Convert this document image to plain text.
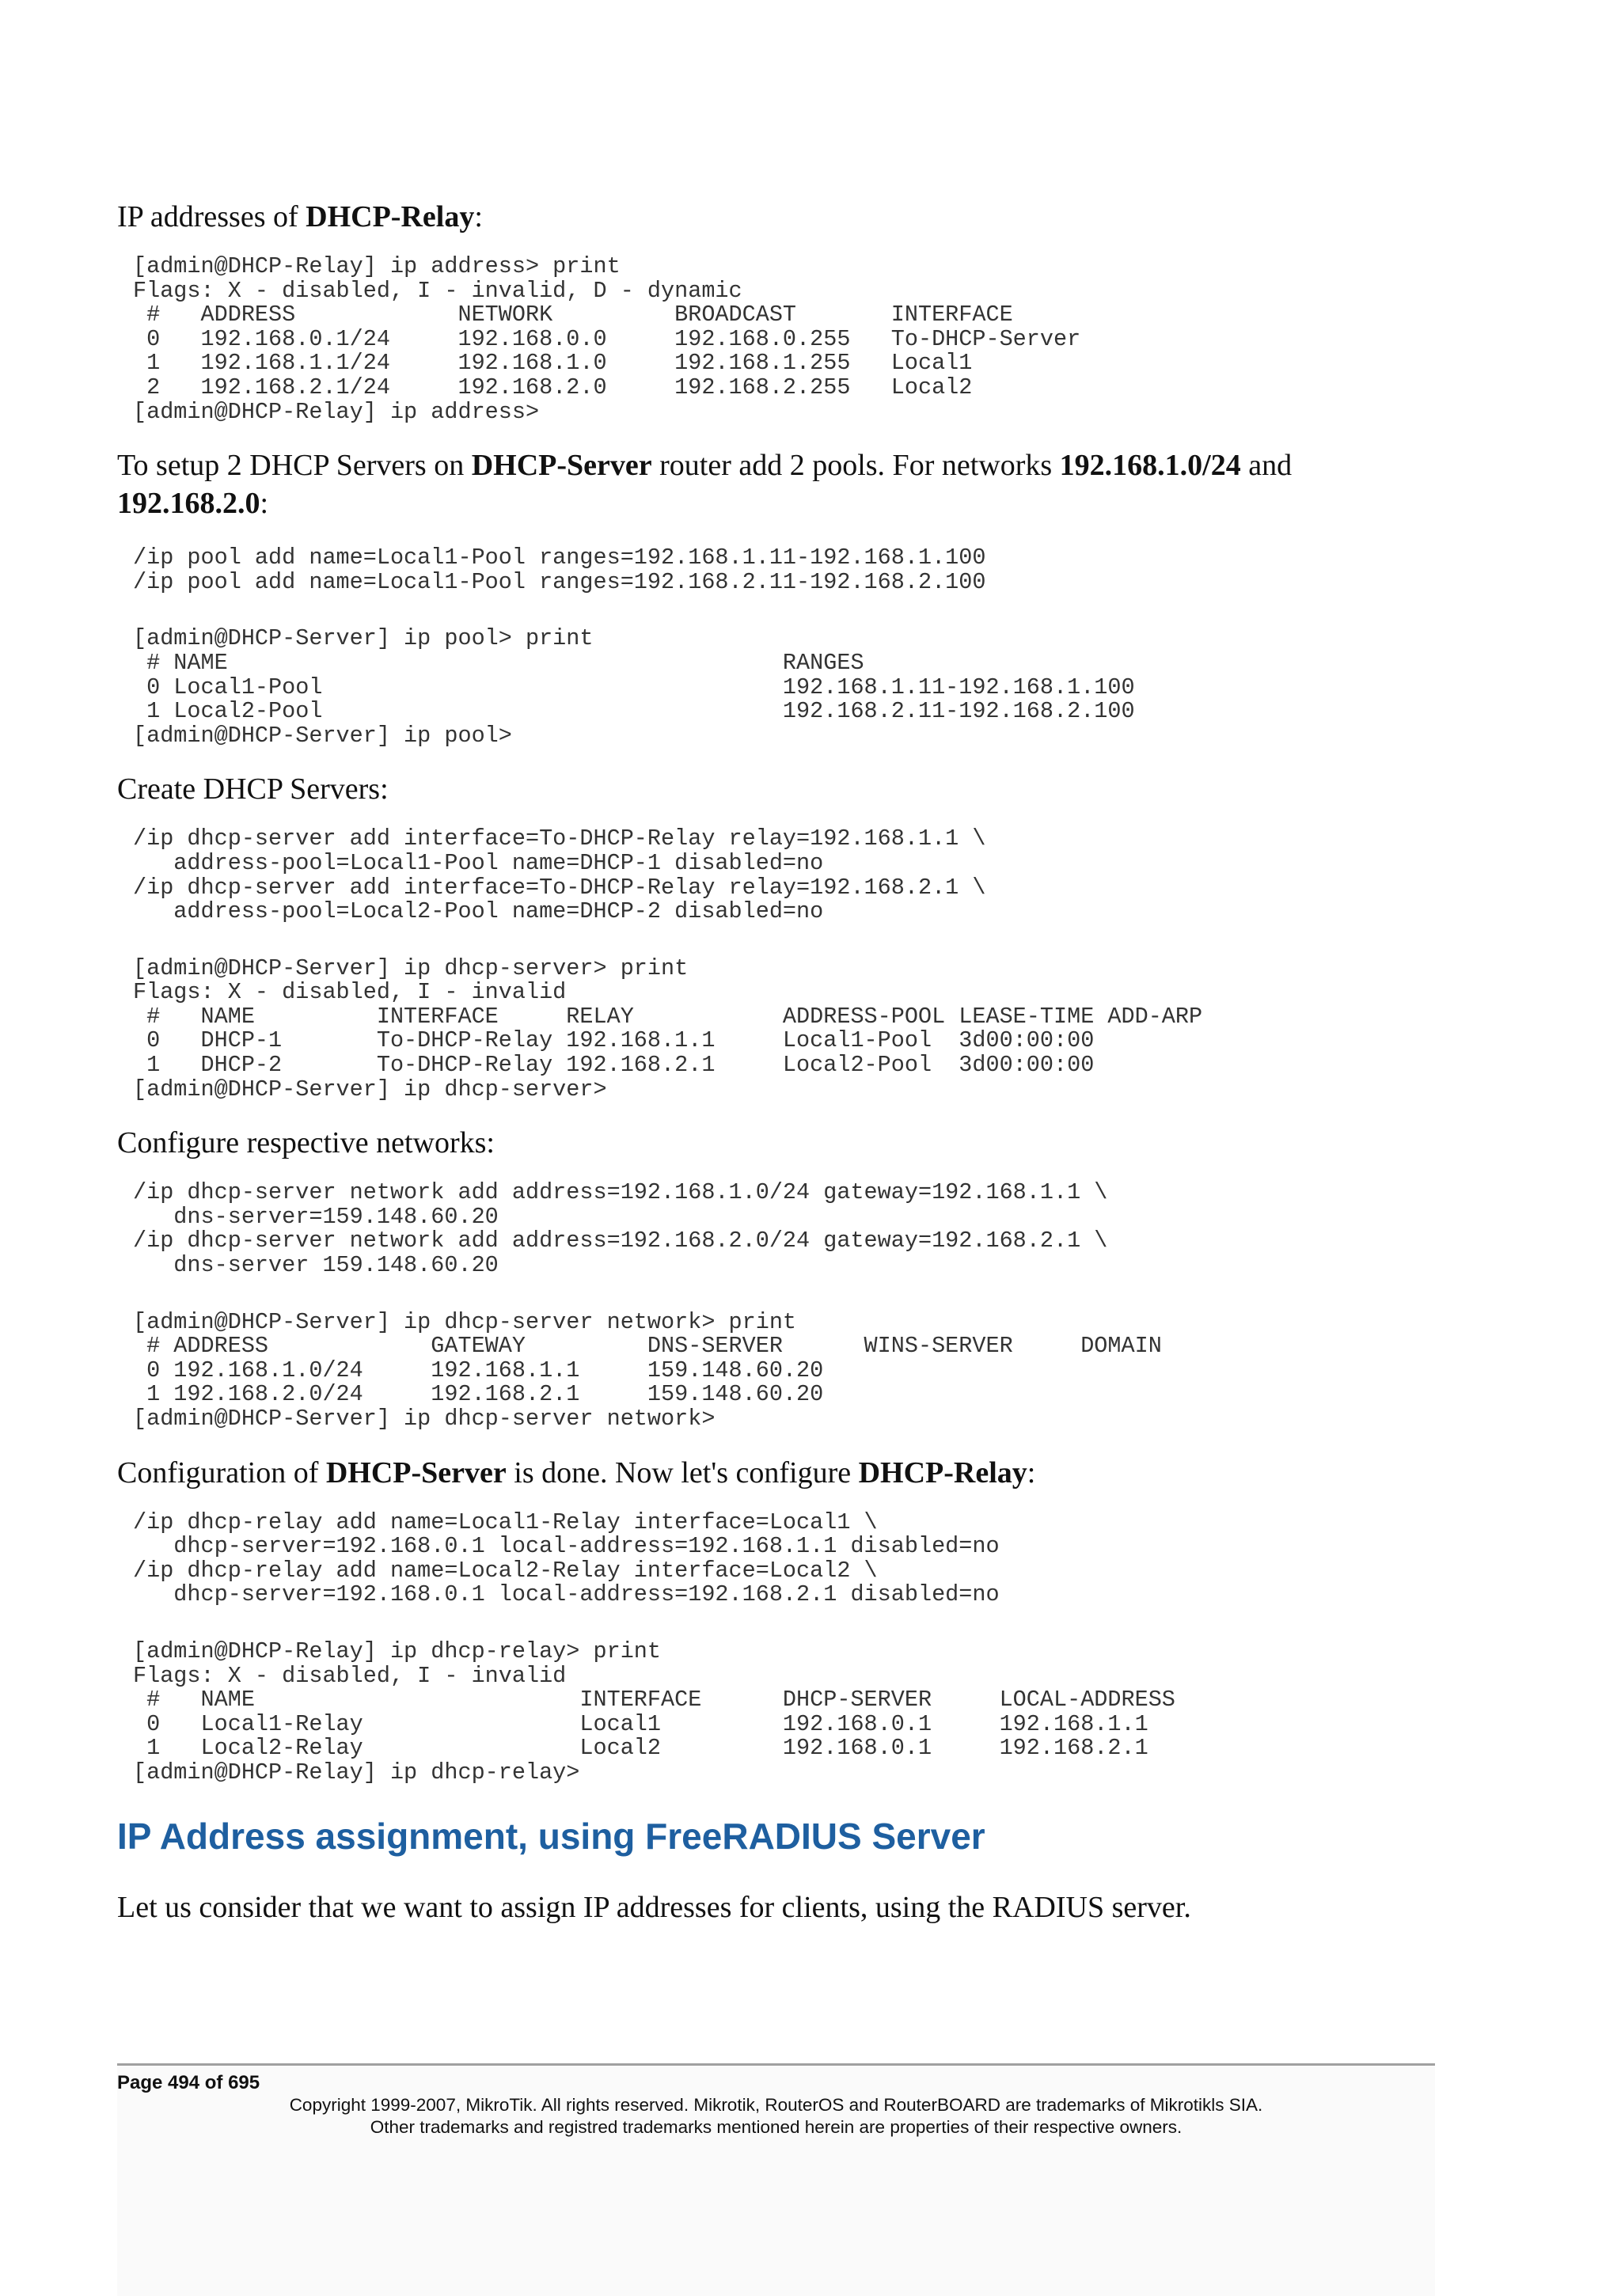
IP addresses of DHCP-Relay:

[admin@DHCP-Relay] ip address> print
Flags: X - disabled, I - invalid, D - dynamic
#   ADDRESS            NETWORK         BROADCAST       INTERFACE
0   192.168.0.1/24     192.168.0.0     192.168.0.255   To-DHCP-Server
1   192.168.1.1/24     192.168.1.0     192.168.1.255   Local1
2   192.168.2.1/24     192.168.2.0     192.168.2.255   Local2
[admin@DHCP-Relay] ip address>

To setup 2 DHCP Servers on DHCP-Server router add 2 pools. For networks 192.168.1.0/24 and 192.168.2.0:

/ip pool add name=Local1-Pool ranges=192.168.1.11-192.168.1.100
/ip pool add name=Local1-Pool ranges=192.168.2.11-192.168.2.100
[admin@DHCP-Server] ip pool> print
# NAME                                         RANGES
0 Local1-Pool                                  192.168.1.11-192.168.1.100
1 Local2-Pool                                  192.168.2.11-192.168.2.100
[admin@DHCP-Server] ip pool>

Create DHCP Servers:

/ip dhcp-server add interface=To-DHCP-Relay relay=192.168.1.1 \
address-pool=Local1-Pool name=DHCP-1 disabled=no
/ip dhcp-server add interface=To-DHCP-Relay relay=192.168.2.1 \
address-pool=Local2-Pool name=DHCP-2 disabled=no
[admin@DHCP-Server] ip dhcp-server> print
Flags: X - disabled, I - invalid
#   NAME         INTERFACE     RELAY           ADDRESS-POOL LEASE-TIME ADD-ARP
0   DHCP-1       To-DHCP-Relay 192.168.1.1     Local1-Pool  3d00:00:00
1   DHCP-2       To-DHCP-Relay 192.168.2.1     Local2-Pool  3d00:00:00
[admin@DHCP-Server] ip dhcp-server>

Configure respective networks:

/ip dhcp-server network add address=192.168.1.0/24 gateway=192.168.1.1 \
dns-server=159.148.60.20
/ip dhcp-server network add address=192.168.2.0/24 gateway=192.168.2.1 \
dns-server 159.148.60.20
[admin@DHCP-Server] ip dhcp-server network> print
# ADDRESS            GATEWAY         DNS-SERVER      WINS-SERVER     DOMAIN
0 192.168.1.0/24     192.168.1.1     159.148.60.20
1 192.168.2.0/24     192.168.2.1     159.148.60.20
[admin@DHCP-Server] ip dhcp-server network>

Configuration of DHCP-Server is done. Now let's configure DHCP-Relay:

/ip dhcp-relay add name=Local1-Relay interface=Local1 \
dhcp-server=192.168.0.1 local-address=192.168.1.1 disabled=no
/ip dhcp-relay add name=Local2-Relay interface=Local2 \
dhcp-server=192.168.0.1 local-address=192.168.2.1 disabled=no
[admin@DHCP-Relay] ip dhcp-relay> print
Flags: X - disabled, I - invalid
#   NAME                        INTERFACE      DHCP-SERVER     LOCAL-ADDRESS
0   Local1-Relay                Local1         192.168.0.1     192.168.1.1
1   Local2-Relay                Local2         192.168.0.1     192.168.2.1
[admin@DHCP-Relay] ip dhcp-relay>
IP Address assignment, using FreeRADIUS Server

Let us consider that we want to assign IP addresses for clients, using the RADIUS server.

Page 494 of 695
Copyright 1999-2007, MikroTik. All rights reserved. Mikrotik, RouterOS and RouterBOARD are trademarks of Mikrotikls SIA.
Other trademarks and registred trademarks mentioned herein are properties of their respective owners.
